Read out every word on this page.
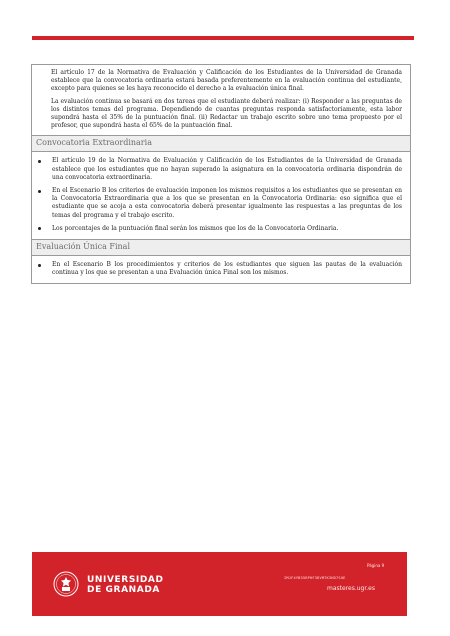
El artículo 17 de la Normativa de Evaluación y Calificación de los Estudiantes de la Universidad de Granada establece que la convocatoria ordinaria estará basada preferentemente en la evaluación continua del estudiante, excepto para quienes se les haya reconocido el derecho a la evaluación única final.

La evaluación continua se basará en dos tareas que el estudiante deberá realizar: (i) Responder a las preguntas de los distintos temas del programa. Dependiendo de cuantas preguntas responda satisfactoriamente, esta labor supondrá hasta el 35% de la puntuación final. (ii) Redactar un trabajo escrito sobre uno tema propuesto por el profesor, que supondrá hasta el 65% de la puntuación final.

Convocatoria Extraordinaria
El artículo 19 de la Normativa de Evaluación y Calificación de los Estudiantes de la Universidad de Granada establece que los estudiantes que no hayan superado la asignatura en la convocatoria ordinaria dispondrán de una convocatoria extraordinaria.
En el Escenario B los criterios de evaluación imponen los mismos requisitos a los estudiantes que se presentan en la Convocatoria Extraordinaria que a los que se presentan en la Convocatoria Ordinaria: eso significa que el estudiante que se acoja a esta convocatoria deberá presentar igualmente las respuestas a las preguntas de los temas del programa y el trabajo escrito.
Los porcentajes de la puntuación final serán los mismos que los de la Convocatoria Ordinaria.
Evaluación Única Final
En el Escenario B los procedimientos y criterios de los estudiantes que siguen las pautas de la evaluación continua y los que se presentan a una Evaluación única Final son los mismos.
UNIVERSIDAD
DE GRANADA
Página 9
IMJF4YB35RPHF3DVM7K3HD7SUE
masteres.ugr.es
